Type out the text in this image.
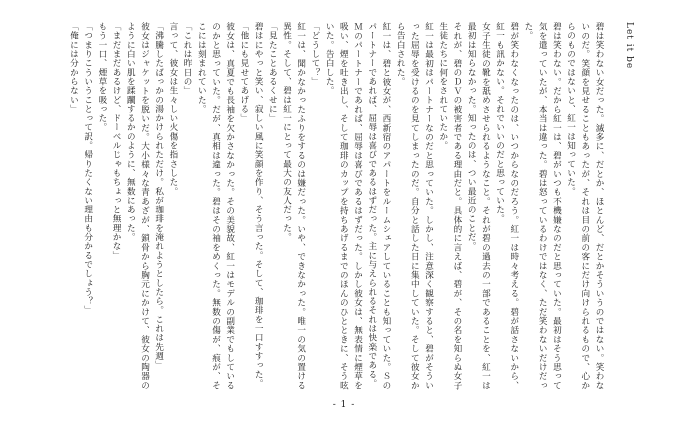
Let it be

碧は笑わない女だった。滅多に、だとか、ほとんど、だとかそういうのではない。笑わないのだ。笑顔を見せることもあったが、それは目の前の客にだけ向けられるもので、心からのものではないと、紅一は知っていた。

碧は笑わない。だから紅一は、碧がいつも不機嫌なのだと思っていた。最初はそう思って気を遣っていたが、本当は違った。碧は怒っているわけではなく、ただ笑わないだけだった。

碧が笑わなくなったのは、いつからなのだろう。紅一は時々考える。碧が話さないから、紅一も訊かない。それでいいのだと思っていた。

女子生徒の靴を舐めさせられるようなこと。それが碧の過去の一部であることを、紅一は最初は知らなかった。知ったのは、つい最近のことだ。

それが、碧のＤＶの被害者である理由だと。具体的に言えば、碧が、その名を知らぬ女子生徒たちに何をされていたか。

紅一は最初はパートナーなのだと思っていた。しかし、注意深く観察すると、碧がそういった屈辱を受けるのを見てしまったのだ。自分と話した日に集中していた。そして彼女から告白された。

紅一は、碧と彼女が、西新宿のアパートをルームシェアしていることも知っていた。Ｓのパートナーであれば、屈辱は喜びであるはずだった。主に与えられるそれは快楽である。

Ｍのパートナーであれば、屈辱は喜びであるはずだった。しかし彼女は、無表情に煙草を吸い、煙を吐き出し、そして珈琲のカップを持ちあげるまでのほんのひとときに、そう呟いた。告白した。

「どうして？」

紅一は、聞かなかったふりをするのは嫌だった。いや、できなかった。唯一の気の置ける異性。そして、碧は紅一にとって最大の友人だった。

「見たことあるくせに」

碧はにやっと笑い、寂しい風に笑顔を作り、そう言った。そして、珈琲を一口すすった。

「他にも見せてあげる」

彼女は、真夏でも長袖を欠かさなかった。その美貌故、紅一はモデルの副業でもしているのかと思っていた。だが、真相は違った。碧はその袖をめくった。無数の傷が、痕が、そこには刻まれていた。

「これは昨日の」

言って、彼女は生々しい火傷を指さした。

「沸騰したばっかの湯かけられただけ。私が珈琲を淹れようとしたら。これは先週」

彼女はジャケットを脱いだ。大小様々な青あざが、鎖骨から胸元にかけて、彼女の陶器のように白い肌を蹂躙するかのように、無数にあった。

「まだまだあるけど、ドーベルじゃもちょっと無理かな」

もう一口、煙草を吸った。

「つまりこういうことって訳。帰りたくない理由も分かるでしょう？」

「俺には分からない」

- 1 -
